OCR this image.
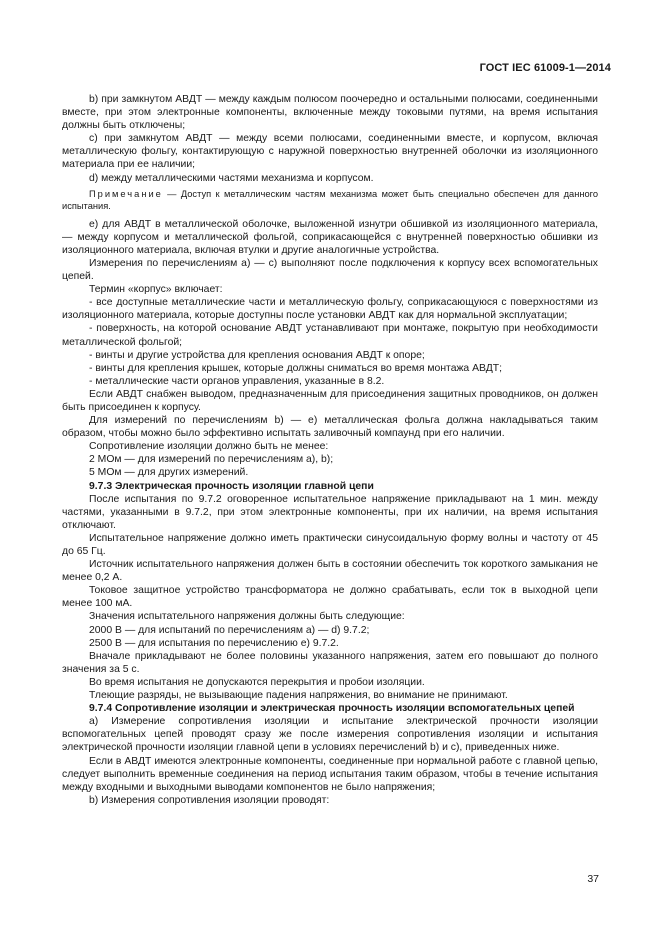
ГОСТ IEC 61009-1—2014

b) при замкнутом АВДТ — между каждым полюсом поочередно и остальными полюсами, соединенными вместе, при этом электронные компоненты, включенные между токовыми путями, на время испытания должны быть отключены;

c) при замкнутом АВДТ — между всеми полюсами, соединенными вместе, и корпусом, включая металлическую фольгу, контактирующую с наружной поверхностью внутренней оболочки из изоляционного материала при ее наличии;

d) между металлическими частями механизма и корпусом.

Примечание — Доступ к металлическим частям механизма может быть специально обеспечен для данного испытания.

e) для АВДТ в металлической оболочке, выложенной изнутри обшивкой из изоляционного материала, — между корпусом и металлической фольгой, соприкасающейся с внутренней поверхностью обшивки из изоляционного материала, включая втулки и другие аналогичные устройства.

Измерения по перечислениям a) — c) выполняют после подключения к корпусу всех вспомогательных цепей.

Термин «корпус» включает:

- все доступные металлические части и металлическую фольгу, соприкасающуюся с поверхностями из изоляционного материала, которые доступны после установки АВДТ как для нормальной эксплуатации;

- поверхность, на которой основание АВДТ устанавливают при монтаже, покрытую при необходимости металлической фольгой;

- винты и другие устройства для крепления основания АВДТ к опоре;

- винты для крепления крышек, которые должны сниматься во время монтажа АВДТ;

- металлические части органов управления, указанные в 8.2.

Если АВДТ снабжен выводом, предназначенным для присоединения защитных проводников, он должен быть присоединен к корпусу.

Для измерений по перечислениям b) — e) металлическая фольга должна накладываться таким образом, чтобы можно было эффективно испытать заливочный компаунд при его наличии.

Сопротивление изоляции должно быть не менее:

2 МОм — для измерений по перечислениям a), b);

5 МОм — для других измерений.

9.7.3 Электрическая прочность изоляции главной цепи

После испытания по 9.7.2 оговоренное испытательное напряжение прикладывают на 1 мин. между частями, указанными в 9.7.2, при этом электронные компоненты, при их наличии, на время испытания отключают.

Испытательное напряжение должно иметь практически синусоидальную форму волны и частоту от 45 до 65 Гц.

Источник испытательного напряжения должен быть в состоянии обеспечить ток короткого замыкания не менее 0,2 А.

Токовое защитное устройство трансформатора не должно срабатывать, если ток в выходной цепи менее 100 мА.

Значения испытательного напряжения должны быть следующие:

2000 В — для испытаний по перечислениям a) — d) 9.7.2;

2500 В — для испытания по перечислению e) 9.7.2.

Вначале прикладывают не более половины указанного напряжения, затем его повышают до полного значения за 5 с.

Во время испытания не допускаются перекрытия и пробои изоляции.

Тлеющие разряды, не вызывающие падения напряжения, во внимание не принимают.

9.7.4 Сопротивление изоляции и электрическая прочность изоляции вспомогательных цепей

a) Измерение сопротивления изоляции и испытание электрической прочности изоляции вспомогательных цепей проводят сразу же после измерения сопротивления изоляции и испытания электрической прочности изоляции главной цепи в условиях перечислений b) и c), приведенных ниже.

Если в АВДТ имеются электронные компоненты, соединенные при нормальной работе с главной цепью, следует выполнить временные соединения на период испытания таким образом, чтобы в течение испытания между входными и выходными выводами компонентов не было напряжения;

b) Измерения сопротивления изоляции проводят:

37
